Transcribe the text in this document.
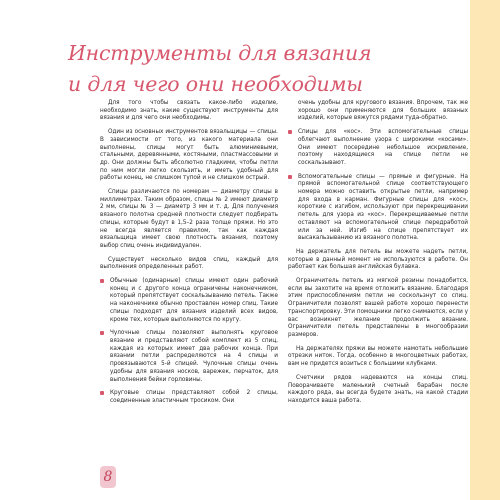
Инструменты для вязания
и для чего они необходимы

Для того чтобы связать какое-либо изделие, необходимо знать, какие существуют инструменты для вязания и для чего они необходимы.

Один из основных инструментов вязальщицы — спицы. В зависимости от того, из какого материала они выполнены, спицы могут быть алюминиевыми, стальными, деревянными, костяными, пластмассовыми и др. Они должны быть абсолютно гладкими, чтобы петли по ним могли легко скользить, и иметь удобный для работы конец, не слишком тупой и не слишком острый.

Спицы различаются по номерам — диаметру спицы в миллиметрах. Таким образом, спицы № 2 имеют диаметр 2 мм, спицы № 3 — диаметр 3 мм и т. д. Для получения вязаного полотна средней плотности следует подбирать спицы, которые будут в 1,5–2 раза толще пряжи. Но это не всегда является правилом, так как каждая вязальщица имеет свою плотность вязания, поэтому выбор спиц очень индивидуален.

Существует несколько видов спиц, каждый для выполнения определенных работ.

Обычные (одинарные) спицы имеют один рабочий конец и с другого конца ограничены наконечником, который препятствует соскальзыванию петель. Также на наконечнике обычно проставлен номер спиц. Такие спицы подходят для вязания изделий всех видов, кроме тех, которые выполняются по кругу.

Чулочные спицы позволяют выполнять круговое вязание и представляют собой комплект из 5 спиц, каждая из которых имеет два рабочих конца. При вязании петли распределяются на 4 спицы и провязываются 5-й спицей. Чулочные спицы очень удобны для вязания носков, варежек, перчаток, для выполнения бейки горловины.

Круговые спицы представляют собой 2 спицы, соединенные эластичным тросиком. Они

очень удобны для кругового вязания. Впрочем, так же хорошо они применяются для больших вязаных изделий, которые вяжутся рядами туда-обратно.

Спицы для «кос». Эти вспомогательные спицы облегчают выполнение узора с широкими «косами». Они имеют посередине небольшое искривление, поэтому находящиеся на спице петли не соскальзывают.

Вспомогательные спицы — прямые и фигурные. На прямой вспомогательной спице соответствующего номера можно оставить открытые петли, например для входа в карман. Фигурные спицы для «кос», короткие с изгибом, используют при перекрещивании петель для узора из «кос». Перекрещиваемые петли оставляют на вспомогательной спице передработой или за ней. Изгиб на спице препятствует их высакальзыванию из вязаного полотна.

На держатель для петель вы можете надеть петли, которые в данный момент не используются в работе. Он работает как большая английская булавка.

Ограничитель петель из мягкой резины понадобится, если вы захотите на время отложить вязание. Благодаря этим приспособлениям петли не соскользнут со спиц. Ограничители позволят вашей работе хорошо перенести транспортировку. Эти помощники легко снимаются, если у вас возникнет желание продолжить вязание. Ограничители петель представлены в многообразии размеров.

На держателях пряжи вы можете намотать небольшие отрезки ниток. Тогда, особенно в многоцветных работах, вам не придется возиться с большими клубками.

Счетчики рядов надеваются на концы спиц. Поворачиваете маленький счетный барабан после каждого ряда, вы всегда будете знать, на какой стадии находится ваша работа.

8
